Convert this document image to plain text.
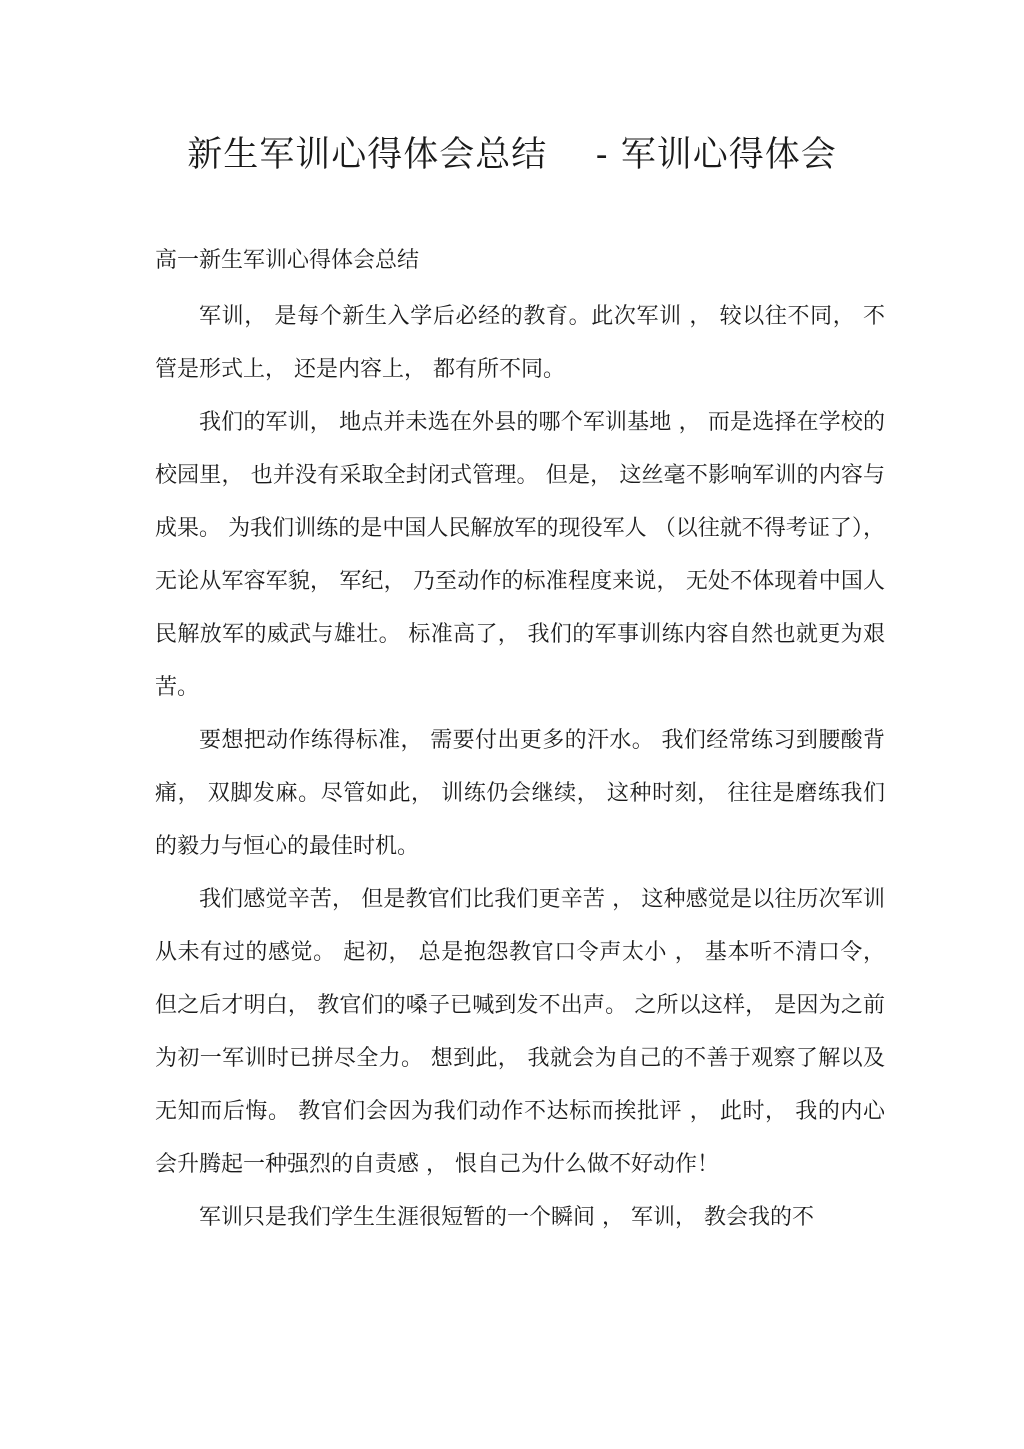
新生军训心得体会总结    - 军训心得体会
高一新生军训心得体会总结

军训， 是每个新生入学后必经的教育。此次军训 ， 较以往不同， 不管是形式上， 还是内容上， 都有所不同。

我们的军训， 地点并未选在外县的哪个军训基地 ， 而是选择在学校的校园里， 也并没有采取全封闭式管理。 但是， 这丝毫不影响军训的内容与成果。 为我们训练的是中国人民解放军的现役军人 （以往就不得考证了）， 无论从军容军貌， 军纪， 乃至动作的标准程度来说， 无处不体现着中国人民解放军的威武与雄壮。 标准高了， 我们的军事训练内容自然也就更为艰苦。

要想把动作练得标准， 需要付出更多的汗水。 我们经常练习到腰酸背痛， 双脚发麻。尽管如此， 训练仍会继续， 这种时刻， 往往是磨练我们的毅力与恒心的最佳时机。

我们感觉辛苦， 但是教官们比我们更辛苦 ， 这种感觉是以往历次军训从未有过的感觉。 起初， 总是抱怨教官口令声太小 ， 基本听不清口令， 但之后才明白， 教官们的嗓子已喊到发不出声。 之所以这样， 是因为之前为初一军训时已拼尽全力。 想到此， 我就会为自己的不善于观察了解以及无知而后悔。 教官们会因为我们动作不达标而挨批评 ， 此时， 我的内心会升腾起一种强烈的自责感 ， 恨自己为什么做不好动作！

军训只是我们学生生涯很短暂的一个瞬间 ， 军训， 教会我的不
